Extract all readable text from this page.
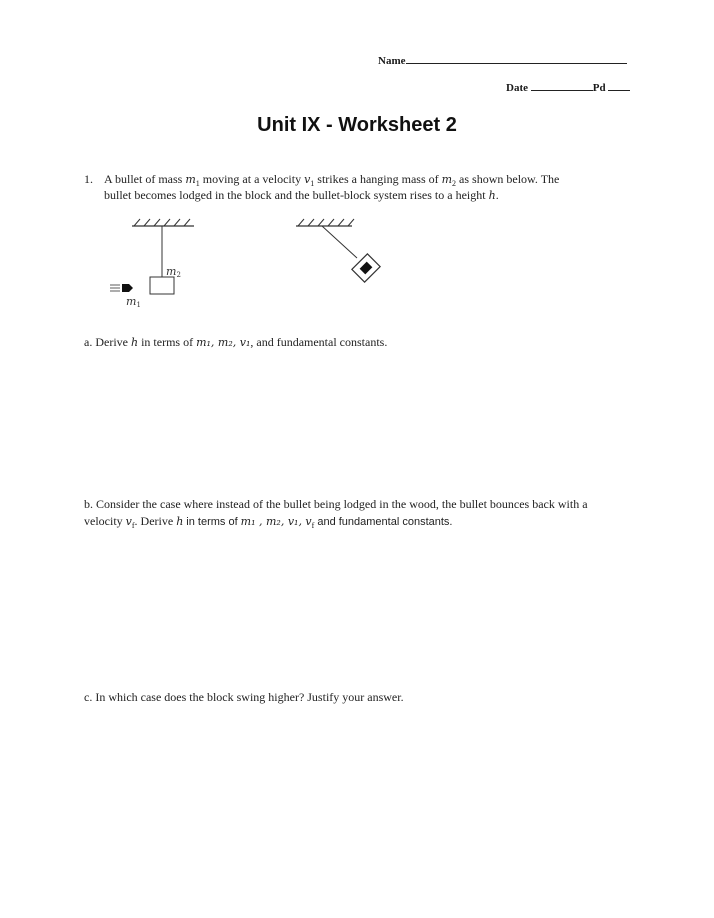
Name
Date	Pd
Unit IX - Worksheet 2
1. A bullet of mass $m_1$ moving at a velocity $v_1$ strikes a hanging mass of $m_2$ as shown below. The
bullet becomes lodged in the block and the bullet-block system rises to a height h.
m2
m1
a. Derive h in terms of m₁, m₂, v₁, and fundamental constants.
b. Consider the case where instead of the bullet being lodged in the wood, the bullet bounces back with a
velocity $v_f$. Derive h in terms of m₁ , m₂, v₁, $v_f$ and fundamental constants.
c. In which case does the block swing higher? Justify your answer.
